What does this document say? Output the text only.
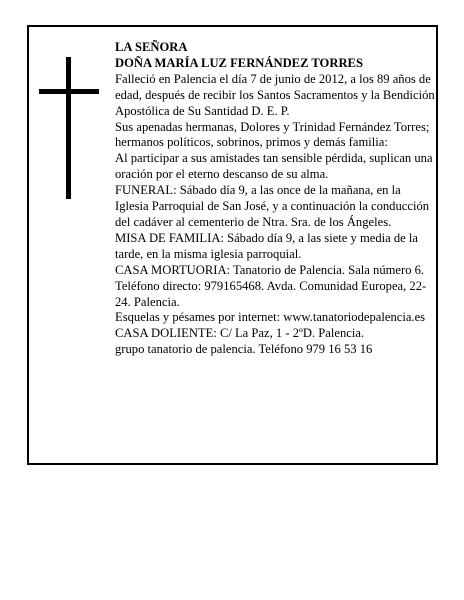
LA SEÑORA

DOÑA MARÍA LUZ FERNÁNDEZ TORRES

Falleció en Palencia el día 7 de junio de 2012, a los 89 años de edad, después de recibir los Santos Sacramentos y la Bendición Apostólica de Su Santidad D. E. P.

Sus apenadas hermanas, Dolores y Trinidad Fernández Torres; hermanos políticos, sobrinos, primos y demás familia:

Al participar a sus amistades tan sensible pérdida, suplican una oración por el eterno descanso de su alma.

FUNERAL: Sábado día 9, a las once de la mañana, en la Iglesia Parroquial de San José, y a continuación la conducción del cadáver al cementerio de Ntra. Sra. de los Ángeles.

MISA DE FAMILIA: Sábado día 9, a las siete y media de la tarde, en la misma iglesia parroquial.

CASA MORTUORIA: Tanatorio de Palencia. Sala número 6. Teléfono directo: 979165468. Avda. Comunidad Europea, 22-24. Palencia.

Esquelas y pésames por internet: www.tanatoriodepalencia.es

CASA DOLIENTE: C/ La Paz, 1 - 2ºD. Palencia.

grupo tanatorio de palencia. Teléfono 979 16 53 16
